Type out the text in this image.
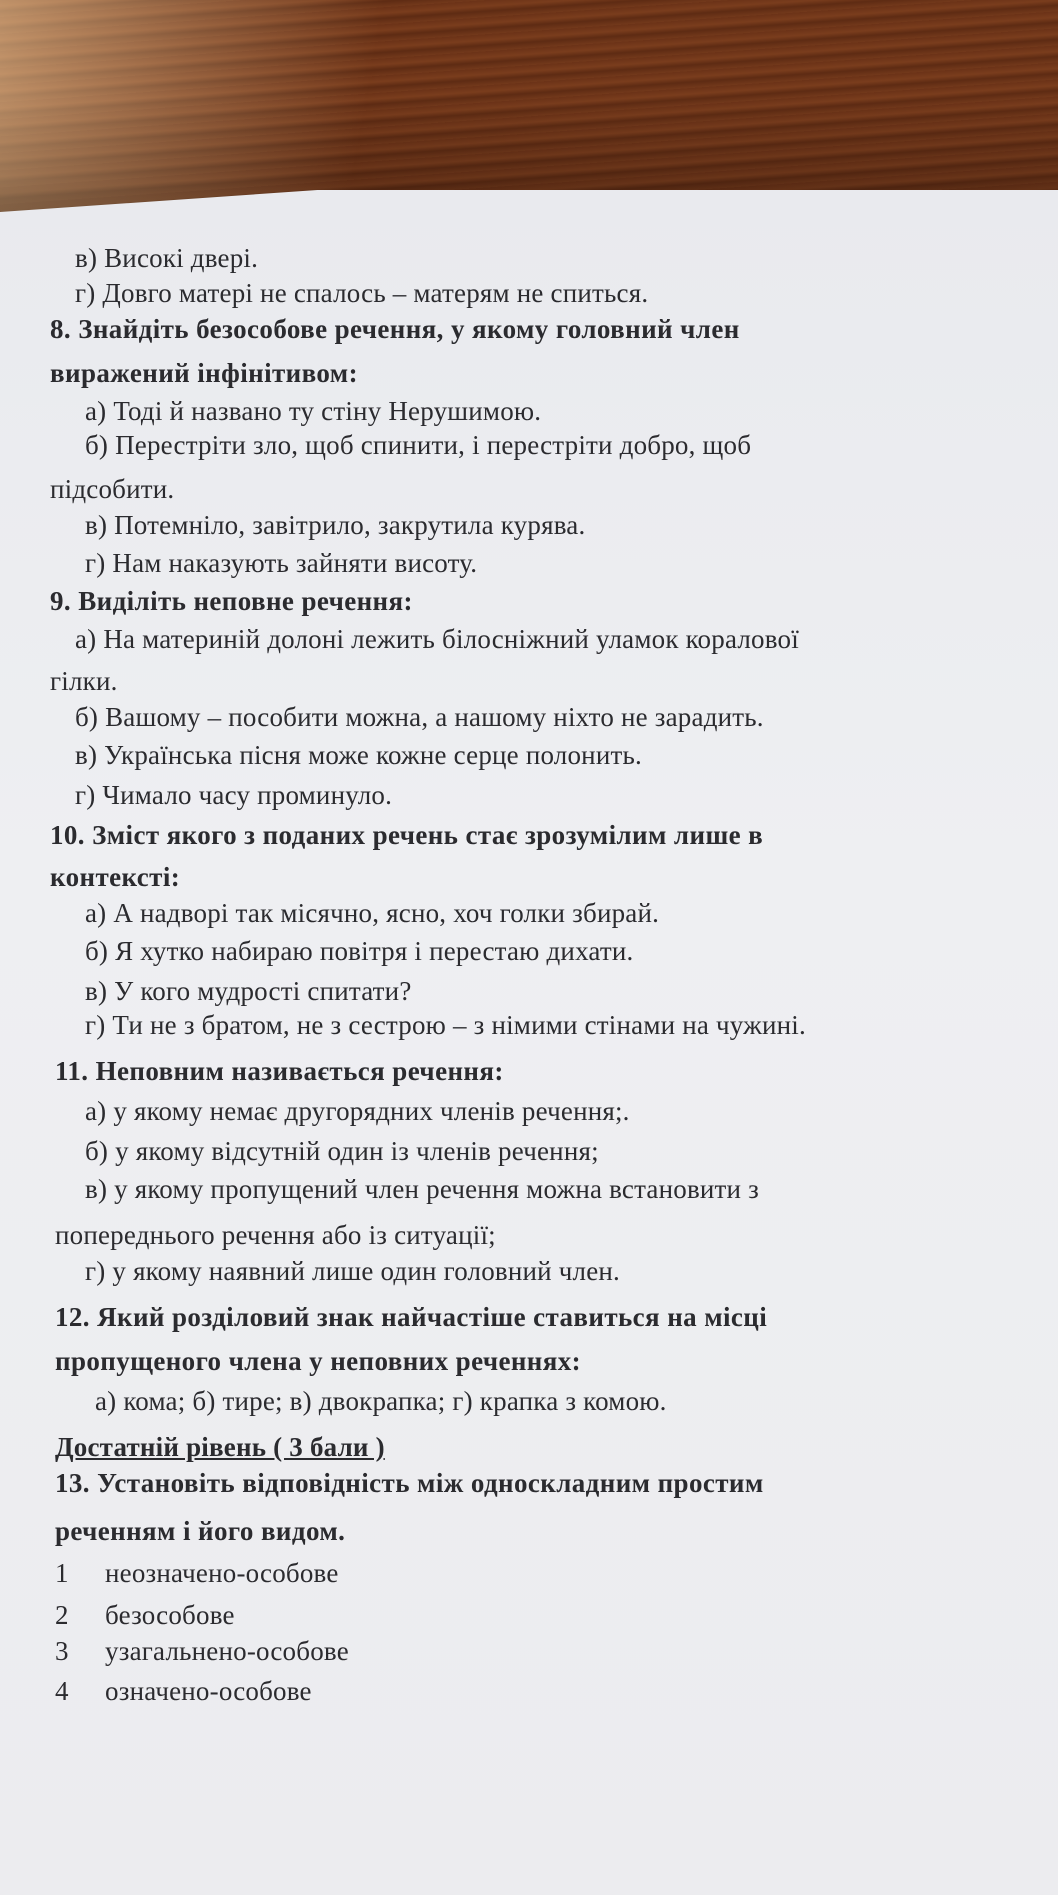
в) Високі двері.
г) Довго матері не спалось – матерям не спиться.
8. Знайдіть безособове речення, у якому головний член
виражений інфінітивом:
а) Тоді й названо ту стіну Нерушимою.
б) Перестріти зло, щоб спинити, і перестріти добро, щоб
підсобити.
в) Потемніло, завітрило, закрутила курява.
г) Нам наказують зайняти висоту.
9. Виділіть неповне речення:
а) На материній долоні лежить білосніжний уламок коралової
гілки.
б) Вашому – пособити можна, а нашому ніхто не зарадить.
в) Українська пісня може кожне серце полонить.
г) Чимало часу проминуло.
10. Зміст якого з поданих речень стає зрозумілим лише в
контексті:
а) А надворі так місячно, ясно, хоч голки збирай.
б) Я хутко набираю повітря і перестаю дихати.
в) У кого мудрості спитати?
г) Ти не з братом, не з сестрою – з німими стінами на чужині.
11. Неповним називається речення:
а) у якому немає другорядних членів речення;.
б) у якому відсутній один із членів речення;
в) у якому пропущений член речення можна встановити з
попереднього речення або із ситуації;
г) у якому наявний лише один головний член.
12. Який розділовий знак найчастіше ставиться на місці
пропущеного члена у неповних реченнях:
а) кома; б) тире; в) двокрапка; г) крапка з комою.
Достатній рівень ( 3 бали )
13. Установіть відповідність між односкладним простим
реченням і його видом.
1 неозначено-особове
2 безособове
3 узагальнено-особове
4 означено-особове
